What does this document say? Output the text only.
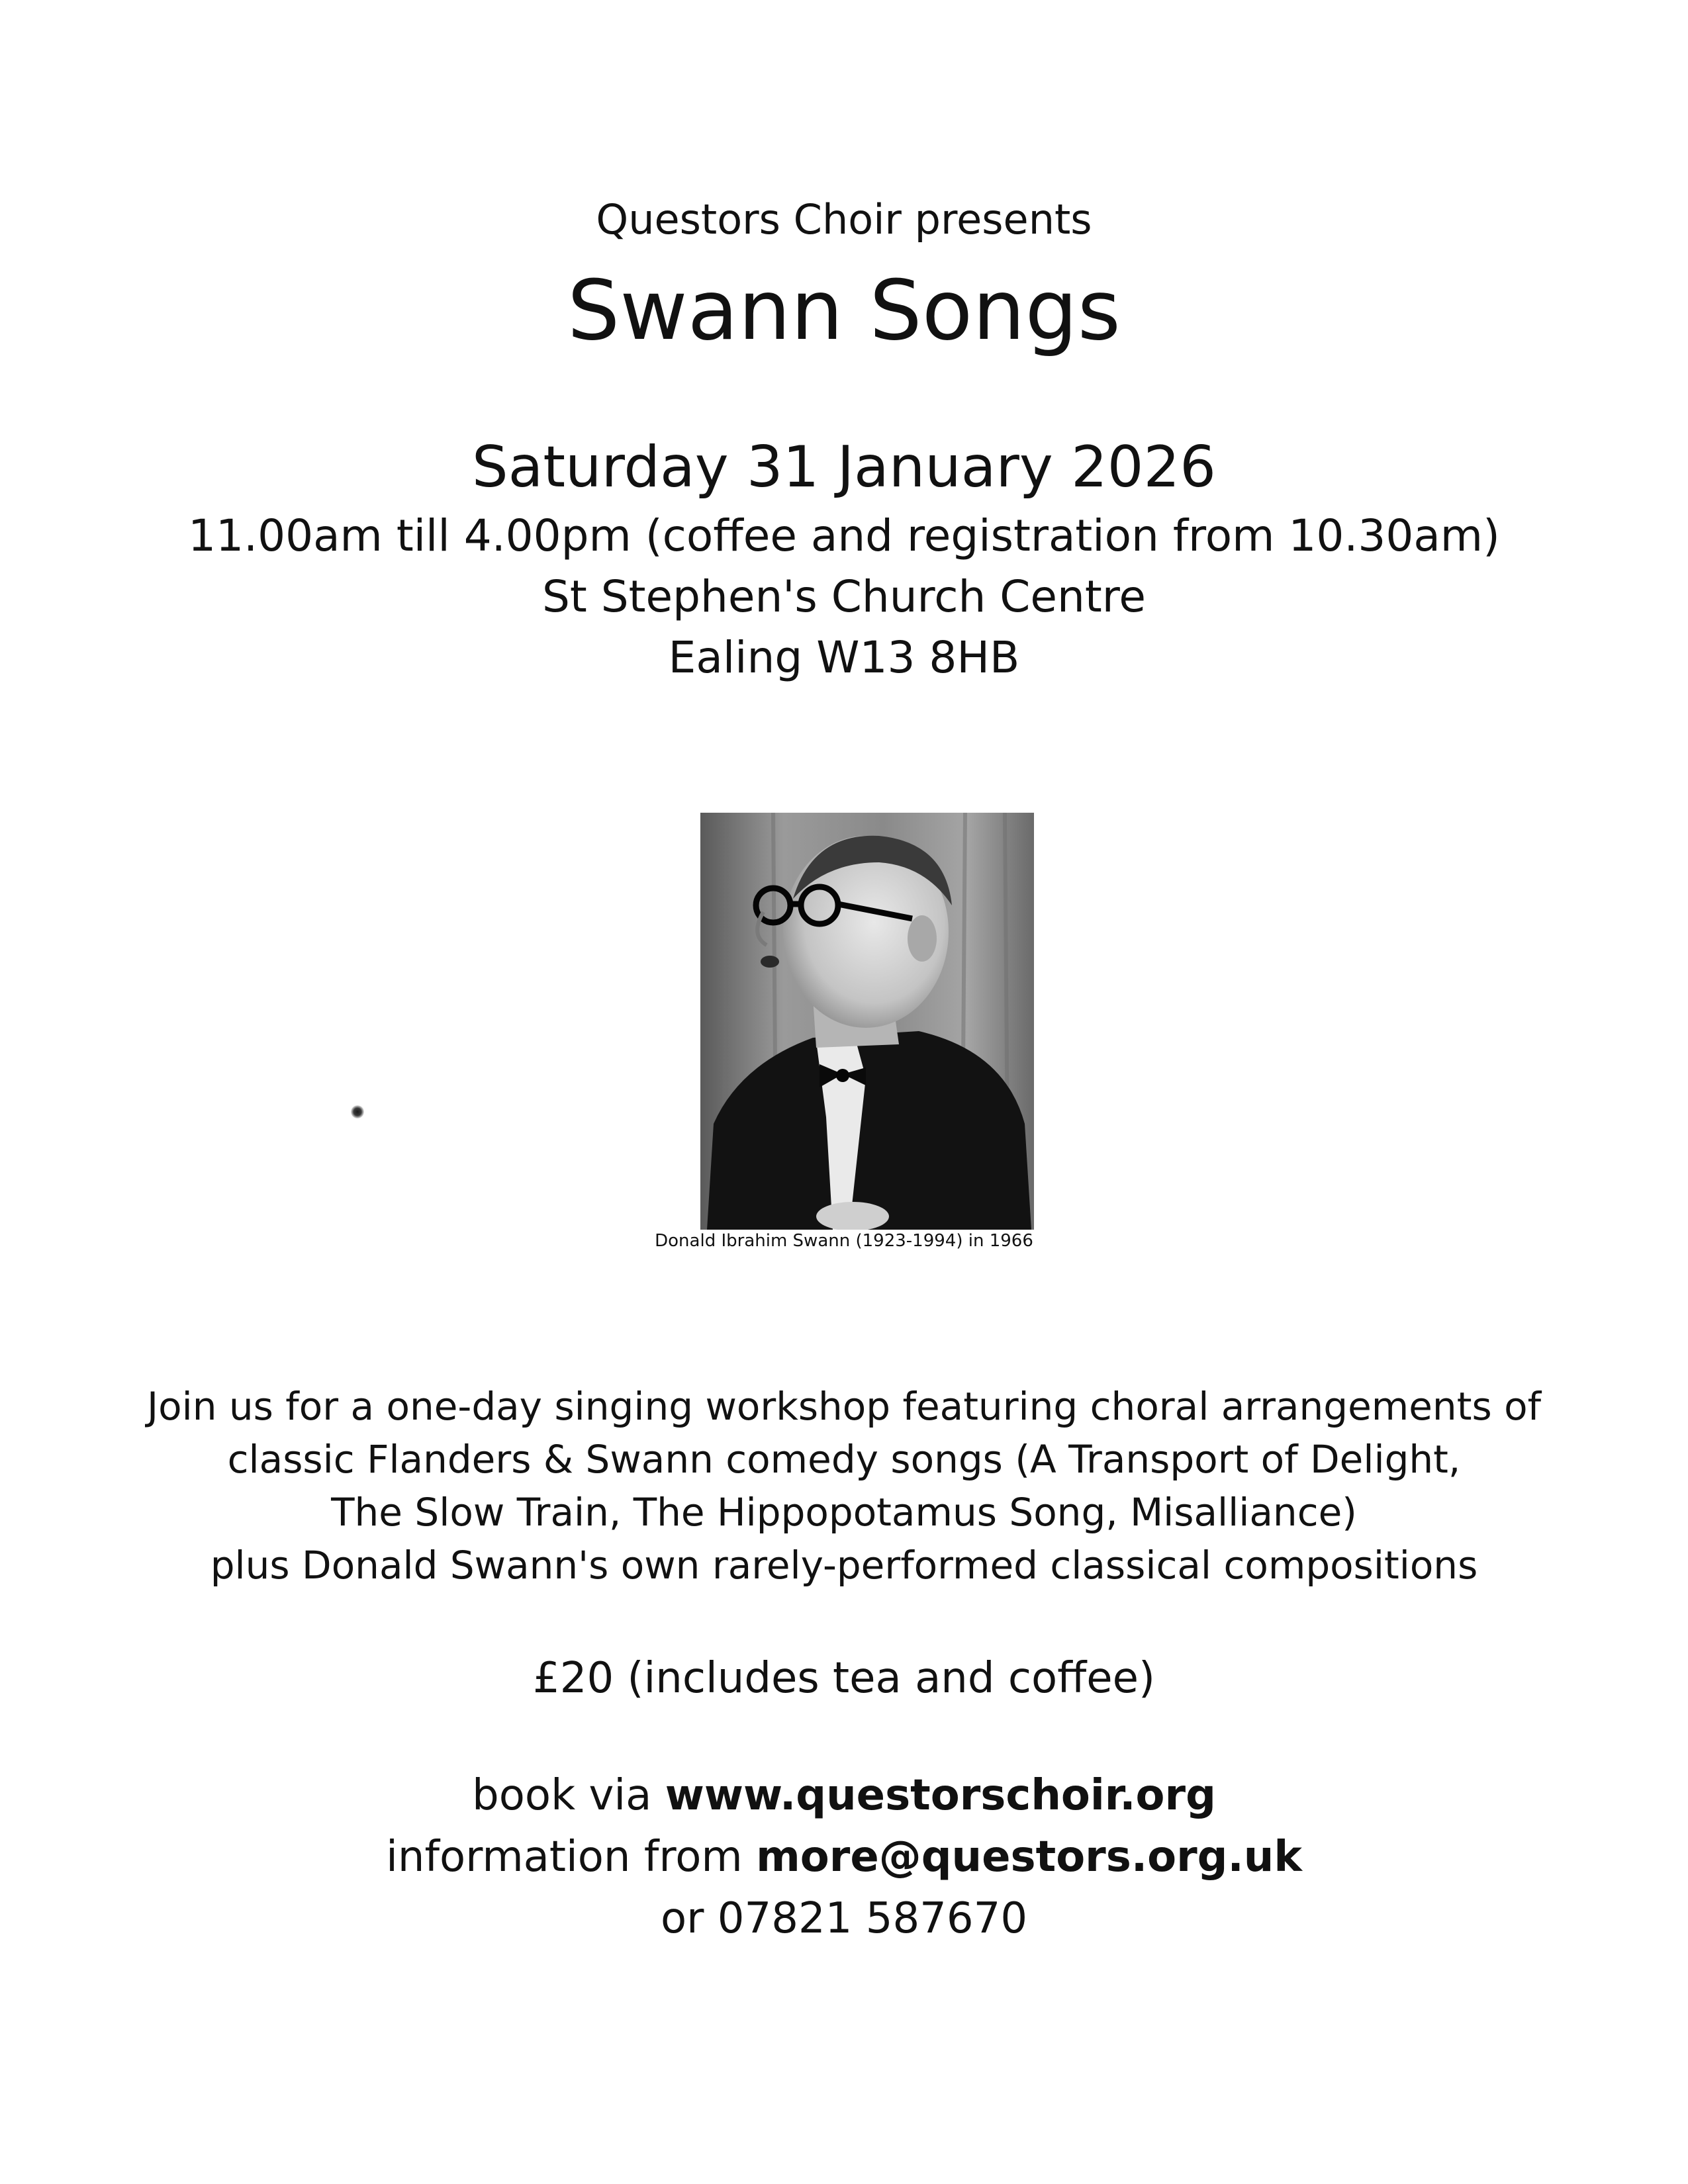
Questors Choir presents
Swann Songs
Saturday 31 January 2026
11.00am till 4.00pm (coffee and registration from 10.30am)
St Stephen's Church Centre
Ealing W13 8HB
Donald Ibrahim Swann (1923-1994) in 1966
Join us for a one-day singing workshop featuring choral arrangements of
classic Flanders & Swann comedy songs (A Transport of Delight,
The Slow Train, The Hippopotamus Song, Misalliance)
plus Donald Swann's own rarely-performed classical compositions
£20 (includes tea and coffee)
book via www.questorschoir.org
information from more@questors.org.uk
or 07821 587670
